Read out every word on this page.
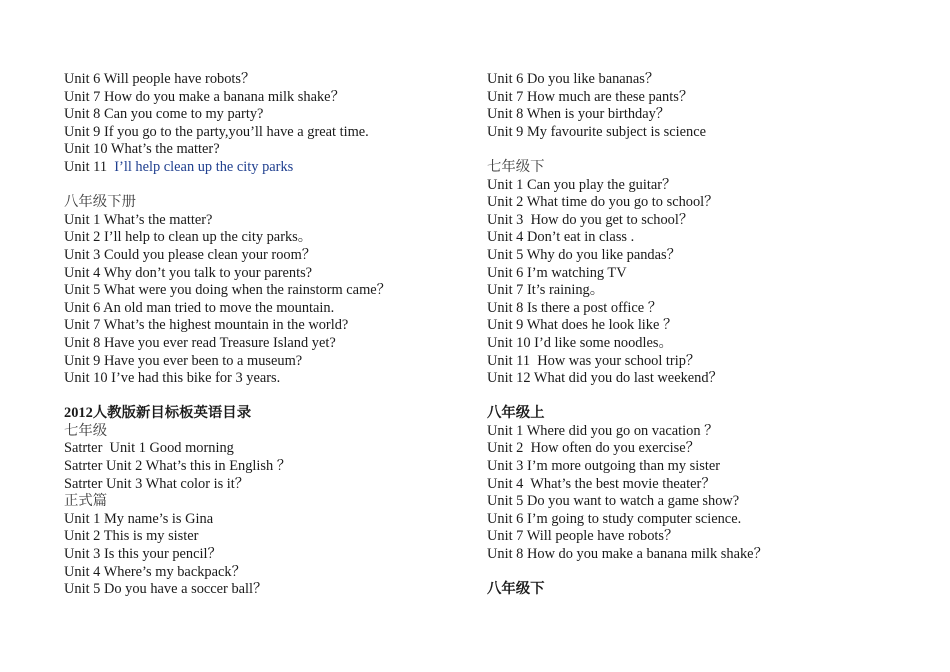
Unit 6 Will people have robots？
Unit 7 How do you make a banana milk shake？
Unit 8 Can you come to my party?
Unit 9 If you go to the party,you’ll have a great time.
Unit 10 What’s the matter?
Unit 11  I’ll help clean up the city parks
八年级下册
Unit 1 What’s the matter?
Unit 2 I’ll help to clean up the city parks。
Unit 3 Could you please clean your room？
Unit 4 Why don’t you talk to your parents?
Unit 5 What were you doing when the rainstorm came？
Unit 6 An old man tried to move the mountain.
Unit 7 What’s the highest mountain in the world?
Unit 8 Have you ever read Treasure Island yet?
Unit 9 Have you ever been to a museum?
Unit 10 I’ve had this bike for 3 years.
2012人教版新目标板英语目录
七年级
Satrter  Unit 1 Good morning
Satrter Unit 2 What’s this in English ？
Satrter Unit 3 What color is it？
正式篇
Unit 1 My name’s is Gina
Unit 2 This is my sister
Unit 3 Is this your pencil？
Unit 4 Where’s my backpack？
Unit 5 Do you have a soccer ball？
Unit 6 Do you like bananas？
Unit 7 How much are these pants？
Unit 8 When is your birthday？
Unit 9 My favourite subject is science
七年级下
Unit 1 Can you play the guitar？
Unit 2 What time do you go to school？
Unit 3  How do you get to school？
Unit 4 Don’t eat in class .
Unit 5 Why do you like pandas？
Unit 6 I’m watching TV
Unit 7 It’s raining。
Unit 8 Is there a post office ？
Unit 9 What does he look like ？
Unit 10 I’d like some noodles。
Unit 11  How was your school trip？
Unit 12 What did you do last weekend？
八年级上
Unit 1 Where did you go on vacation ？
Unit 2  How often do you exercise？
Unit 3 I’m more outgoing than my sister
Unit 4  What’s the best movie theater？
Unit 5 Do you want to watch a game show?
Unit 6 I’m going to study computer science.
Unit 7 Will people have robots？
Unit 8 How do you make a banana milk shake？
八年级下
